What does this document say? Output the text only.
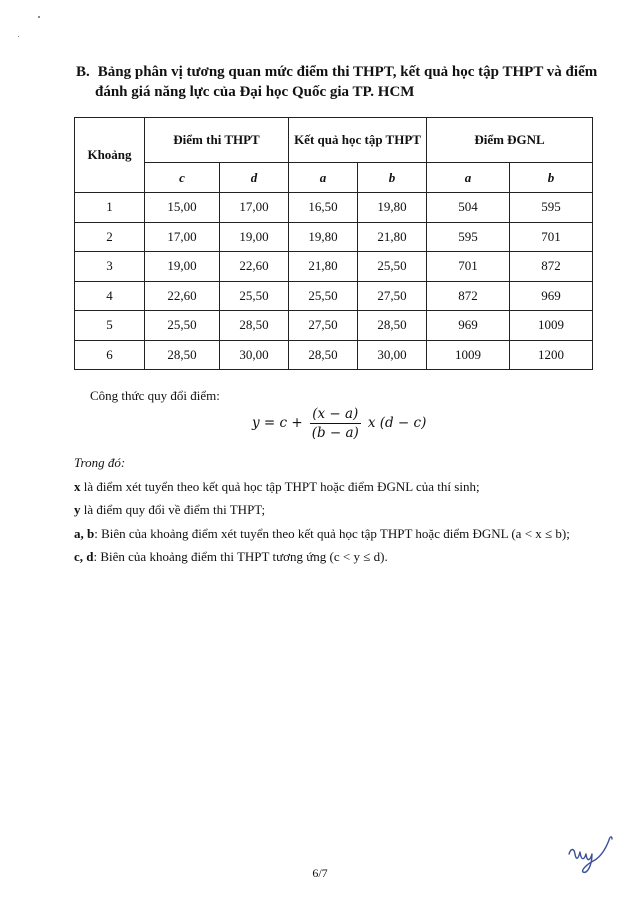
B. Bảng phân vị tương quan mức điểm thi THPT, kết quả học tập THPT và điểm
đánh giá năng lực của Đại học Quốc gia TP. HCM
Khoảng	Điểm thi THPT		Kết quả học tập THPT		Điểm ĐGNL	
	c	d	a	b	a	b
1	15,00	17,00	16,50	19,80	504	595
2	17,00	19,00	19,80	21,80	595	701
3	19,00	22,60	21,80	25,50	701	872
4	22,60	25,50	25,50	27,50	872	969
5	25,50	28,50	27,50	28,50	969	1009
6	28,50	30,00	28,50	30,00	1009	1200

Công thức quy đổi điểm:

$y = c + \frac{(x - a)}{(b - a)}$ x (d − c)

Trong đó:

x là điểm xét tuyển theo kết quả học tập THPT hoặc điểm ĐGNL của thí sinh;

y là điểm quy đổi về điểm thi THPT;

a, b: Biên của khoảng điểm xét tuyển theo kết quả học tập THPT hoặc điểm ĐGNL (a < x ≤ b);

c, d: Biên của khoảng điểm thi THPT tương ứng (c < y ≤ d).

6/7
